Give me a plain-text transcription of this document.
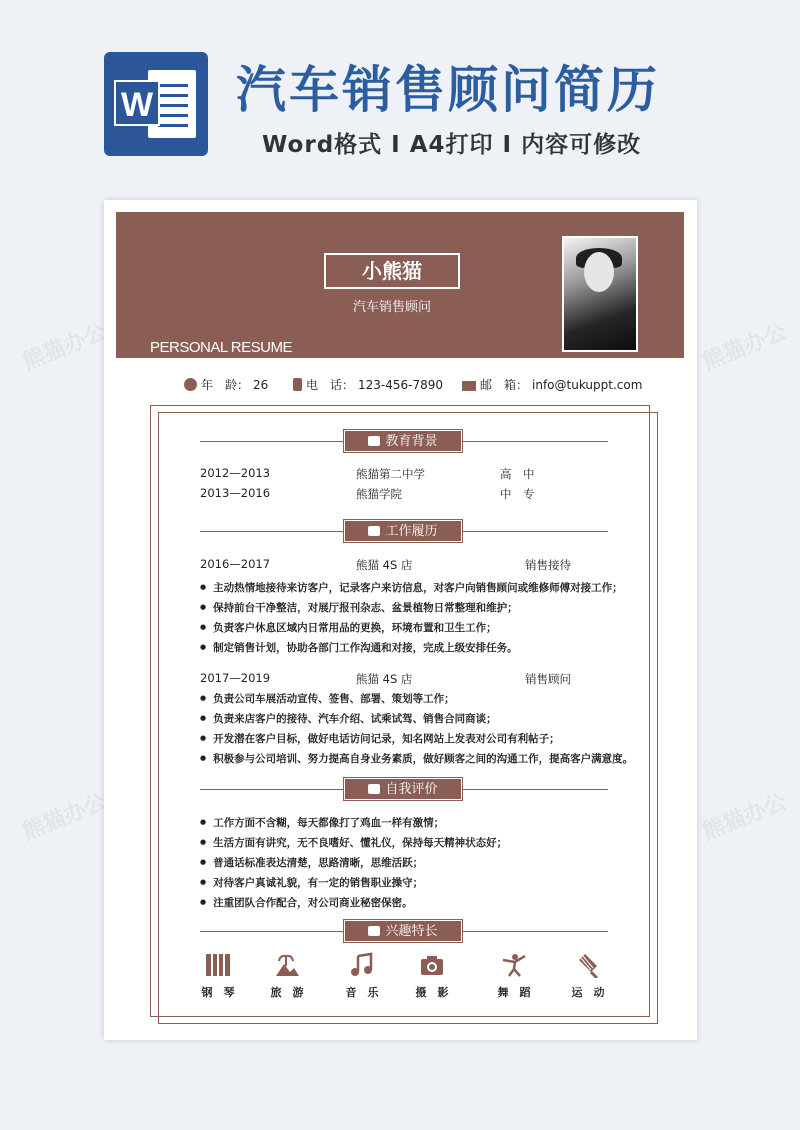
W 汽车销售顾问简历
Word格式 I A4打印 I 内容可修改
熊猫办公	熊猫办公
熊猫办公	熊猫办公
小熊猫
汽车销售顾问
PERSONAL RESUME
年　龄： 26	电　话： 123-456-7890	邮　箱： info@tukuppt.com
教育背景
2012—2013	熊猫第二中学	高　中
2013—2016	熊猫学院	中　专
工作履历
2016—2017	熊猫 4S 店	销售接待
● 主动热情地接待来访客户，记录客户来访信息，对客户向销售顾问或维修师傅对接工作；
● 保持前台干净整洁，对展厅报刊杂志、盆景植物日常整理和维护；
● 负责客户休息区域内日常用品的更换，环境布置和卫生工作；
● 制定销售计划，协助各部门工作沟通和对接，完成上级安排任务。
2017—2019	熊猫 4S 店	销售顾问
● 负责公司车展活动宣传、签售、部署、策划等工作；
● 负责来店客户的接待、汽车介绍、试乘试驾、销售合同商谈；
● 开发潜在客户目标，做好电话访问记录，知名网站上发表对公司有利帖子；
● 积极参与公司培训、努力提高自身业务素质，做好顾客之间的沟通工作，提高客户满意度。
自我评价
● 工作方面不含糊，每天都像打了鸡血一样有激情；
● 生活方面有讲究，无不良嗜好、懂礼仪，保持每天精神状态好；
● 普通话标准表达清楚，思路清晰，思维活跃；
● 对待客户真诚礼貌，有一定的销售职业操守；
● 注重团队合作配合，对公司商业秘密保密。
兴趣特长
钢　琴	旅　游	音　乐	摄　影	舞　蹈	运　动
